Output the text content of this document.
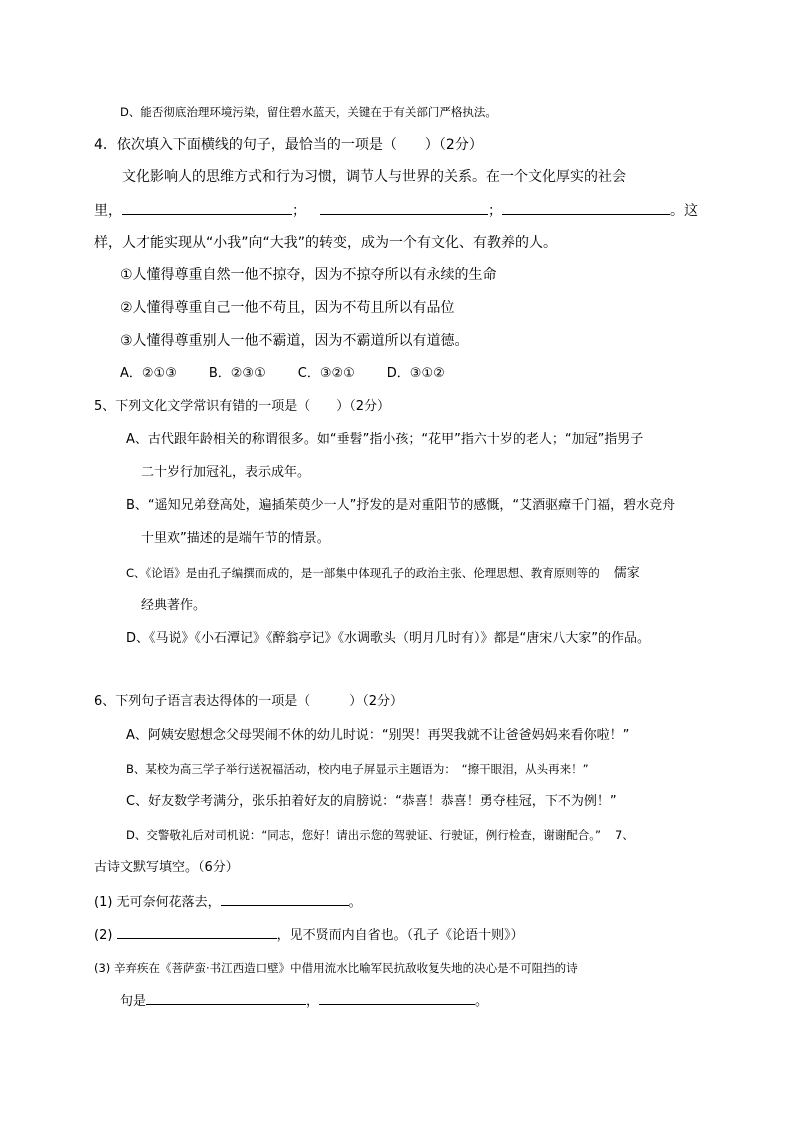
D、能否彻底治理环境污染，留住碧水蓝天，关键在于有关部门严格执法。
4．依次填入下面横线的句子，最恰当的一项是（　　）（2分）
文化影响人的思维方式和行为习惯，调节人与世界的关系。在一个文化厚实的社会
里，	；	；	。这
样，人才能实现从“小我”向“大我”的转变，成为一个有文化、有教养的人。
①人懂得尊重自然一他不掠夺，因为不掠夺所以有永续的生命
②人懂得尊重自己一他不苟且，因为不苟且所以有品位
③人懂得尊重别人一他不霸道，因为不霸道所以有道德。
A．②①③ B．②③① C．③②① D．③①②
5、下列文化文学常识有错的一项是（　　）（2分）
A、古代跟年龄相关的称谓很多。如“垂髫”指小孩；“花甲”指六十岁的老人；“加冠”指男子
二十岁行加冠礼，表示成年。
B、“遥知兄弟登高处，遍插茱萸少一人”抒发的是对重阳节的感慨，“艾酒驱瘴千门福，碧水竞舟
十里欢”描述的是端午节的情景。
C、《论语》是由孔子编撰而成的，是一部集中体现孔子的政治主张、伦理思想、教育原则等的 儒家
经典著作。
D、《马说》《小石潭记》《醉翁亭记》《水调歌头（明月几时有）》都是“唐宋八大家”的作品。
6、下列句子语言表达得体的一项是（　　　）（2分）
A、阿姨安慰想念父母哭闹不休的幼儿时说：“别哭！再哭我就不让爸爸妈妈来看你啦！”
B、某校为高三学子举行送祝福活动，校内电子屏显示主题语为：　“擦干眼泪，从头再来！”
C、好友数学考满分，张乐拍着好友的肩膀说：“恭喜！恭喜！勇夺桂冠，下不为例！”
D、交警敬礼后对司机说：“同志，您好！请出示您的驾驶证、行驶证，例行检查，谢谢配合。” 7、
古诗文默写填空。（6分）
(1) 无可奈何花落去，	。
(2)	，见不贤而内自省也。（孔子《论语十则》）
(3) 辛弃疾在《菩萨蛮·书江西造口壁》中借用流水比喻军民抗敌收复失地的决心是不可阻挡的诗
句是	，	。
